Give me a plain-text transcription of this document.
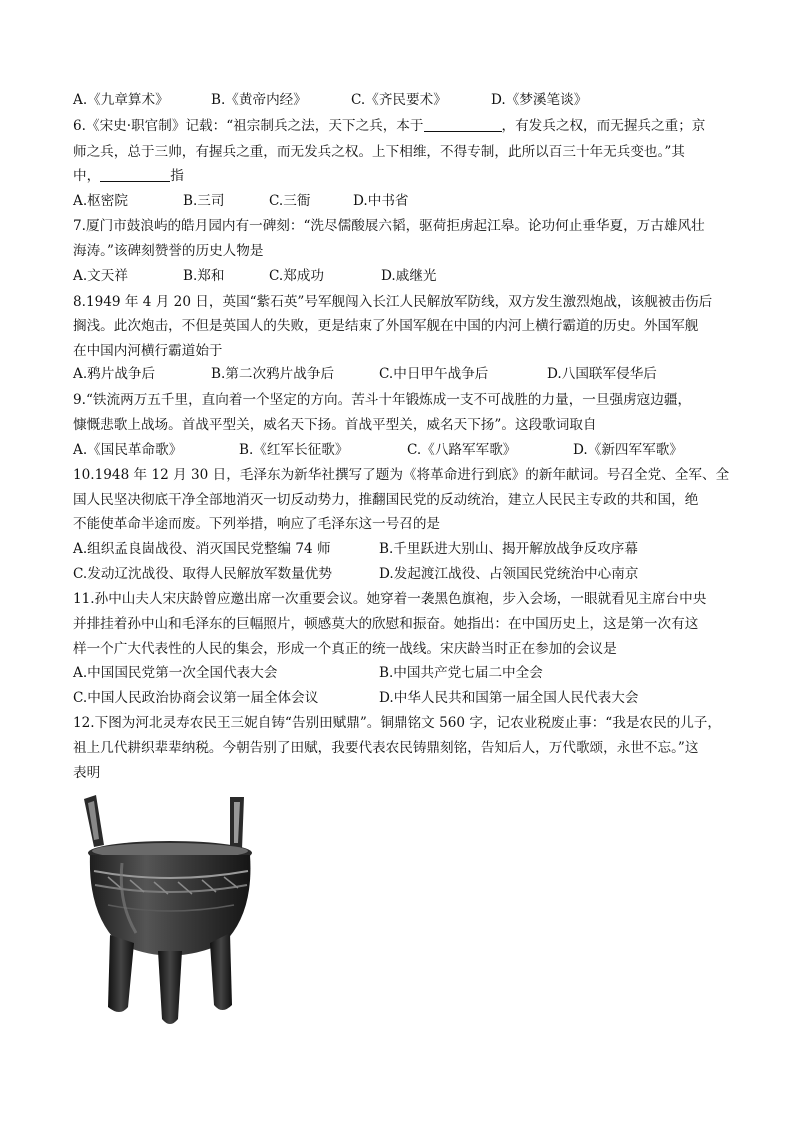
A.《九章算术》	B.《黄帝内经》	C.《齐民要术》	D.《梦溪笔谈》
6.《宋史·职官制》记载：“祖宗制兵之法，天下之兵，本于	，有发兵之权，而无握兵之重；京
师之兵，总于三帅，有握兵之重，而无发兵之权。上下相维，不得专制，此所以百三十年无兵变也。”其
中，	指
A.枢密院	B.三司	C.三衙	D.中书省
7.厦门市鼓浪屿的皓月园内有一碑刻：“洗尽儒酸展六韬，驱荷拒虏起江皋。论功何止垂华夏，万古雄风壮
海涛。”该碑刻赞誉的历史人物是
A.文天祥	B.郑和	C.郑成功	D.戚继光
8.1949 年 4 月 20 日，英国“紫石英”号军舰闯入长江人民解放军防线，双方发生激烈炮战，该舰被击伤后
搁浅。此次炮击，不但是英国人的失败，更是结束了外国军舰在中国的内河上横行霸道的历史。外国军舰
在中国内河横行霸道始于
A.鸦片战争后	B.第二次鸦片战争后	C.中日甲午战争后	D.八国联军侵华后
9.“铁流两万五千里，直向着一个坚定的方向。苦斗十年锻炼成一支不可战胜的力量，一旦强虏寇边疆，
慷慨悲歌上战场。首战平型关，威名天下扬。首战平型关，威名天下扬”。这段歌词取自
A.《国民革命歌》	B.《红军长征歌》	C.《八路军军歌》	D.《新四军军歌》
10.1948 年 12 月 30 日，毛泽东为新华社撰写了题为《将革命进行到底》的新年献词。号召全党、全军、全
国人民坚决彻底干净全部地消灭一切反动势力，推翻国民党的反动统治，建立人民民主专政的共和国，绝
不能使革命半途而废。下列举措，响应了毛泽东这一号召的是
A.组织孟良崮战役、消灭国民党整编 74 师	B.千里跃进大别山、揭开解放战争反攻序幕
C.发动辽沈战役、取得人民解放军数量优势	D.发起渡江战役、占领国民党统治中心南京
11.孙中山夫人宋庆龄曾应邀出席一次重要会议。她穿着一袭黑色旗袍，步入会场，一眼就看见主席台中央
并排挂着孙中山和毛泽东的巨幅照片，顿感莫大的欣慰和振奋。她指出：在中国历史上，这是第一次有这
样一个广大代表性的人民的集会，形成一个真正的统一战线。宋庆龄当时正在参加的会议是
A.中国国民党第一次全国代表大会	B.中国共产党七届二中全会
C.中国人民政治协商会议第一届全体会议	D.中华人民共和国第一届全国人民代表大会
12.下图为河北灵寿农民王三妮自铸“告别田赋鼎”。铜鼎铭文 560 字，记农业税废止事：“我是农民的儿子，
祖上几代耕织辈辈纳税。今朝告别了田赋，我要代表农民铸鼎刻铭，告知后人，万代歌颂，永世不忘。”这
表明
